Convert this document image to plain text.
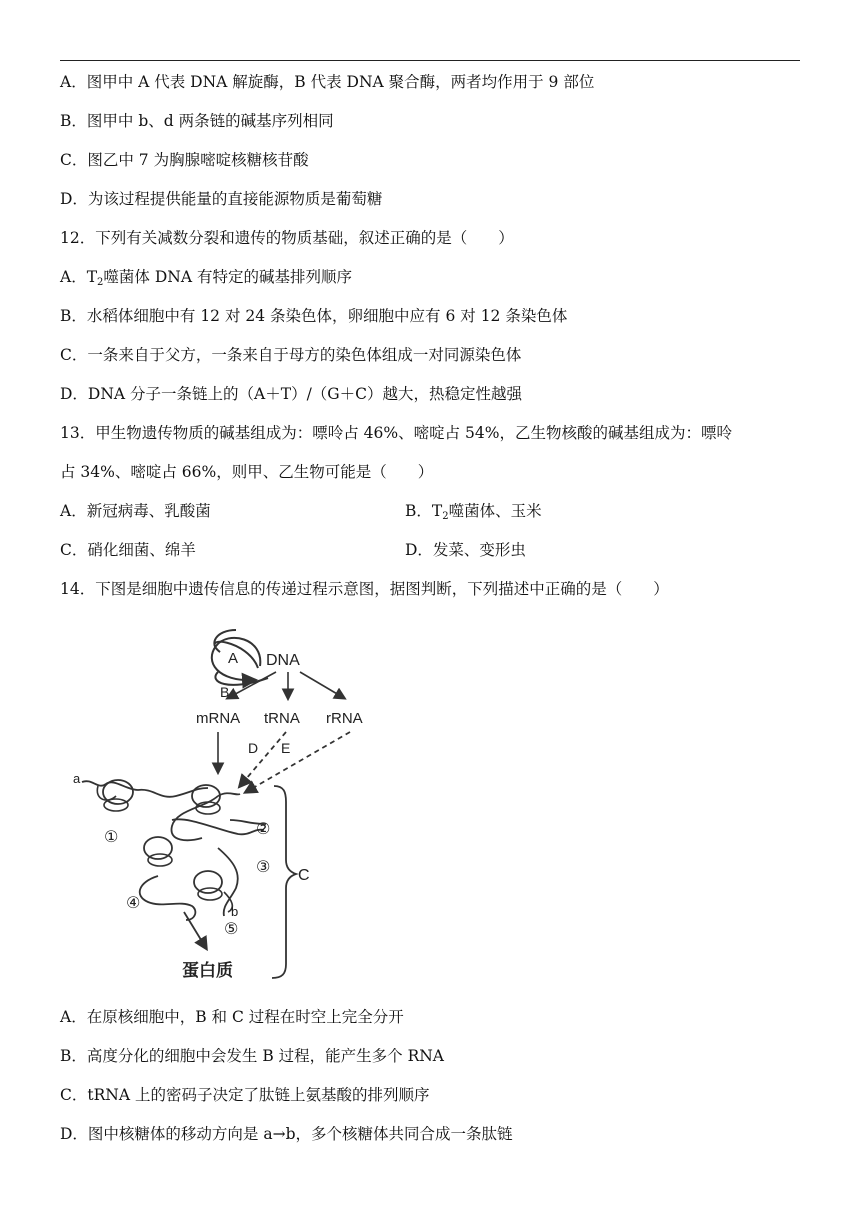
A．图甲中 A 代表 DNA 解旋酶，B 代表 DNA 聚合酶，两者均作用于 9 部位
B．图甲中 b、d 两条链的碱基序列相同
C．图乙中 7 为胸腺嘧啶核糖核苷酸
D．为该过程提供能量的直接能源物质是葡萄糖
12．下列有关减数分裂和遗传的物质基础，叙述正确的是（　　）
A．$T_2$噬菌体 DNA 有特定的碱基排列顺序
B．水稻体细胞中有 12 对 24 条染色体，卵细胞中应有 6 对 12 条染色体
C．一条来自于父方，一条来自于母方的染色体组成一对同源染色体
D．DNA 分子一条链上的（A＋T）/（G＋C）越大，热稳定性越强
13．甲生物遗传物质的碱基组成为：嘌呤占 46%、嘧啶占 54%，乙生物核酸的碱基组成为：嘌呤
占 34%、嘧啶占 66%，则甲、乙生物可能是（　　）
A．新冠病毒、乳酸菌	B．$T_2$噬菌体、玉米
C．硝化细菌、绵羊	D．发菜、变形虫
14．下图是细胞中遗传信息的传递过程示意图，据图判断，下列描述中正确的是（　　）
A DNA
B
mRNA tRNA rRNA
D E
a
b
①	②
③
④
⑤
C
蛋白质
A．在原核细胞中，B 和 C 过程在时空上完全分开
B．高度分化的细胞中会发生 B 过程，能产生多个 RNA
C．tRNA 上的密码子决定了肽链上氨基酸的排列顺序
D．图中核糖体的移动方向是 a→b，多个核糖体共同合成一条肽链
